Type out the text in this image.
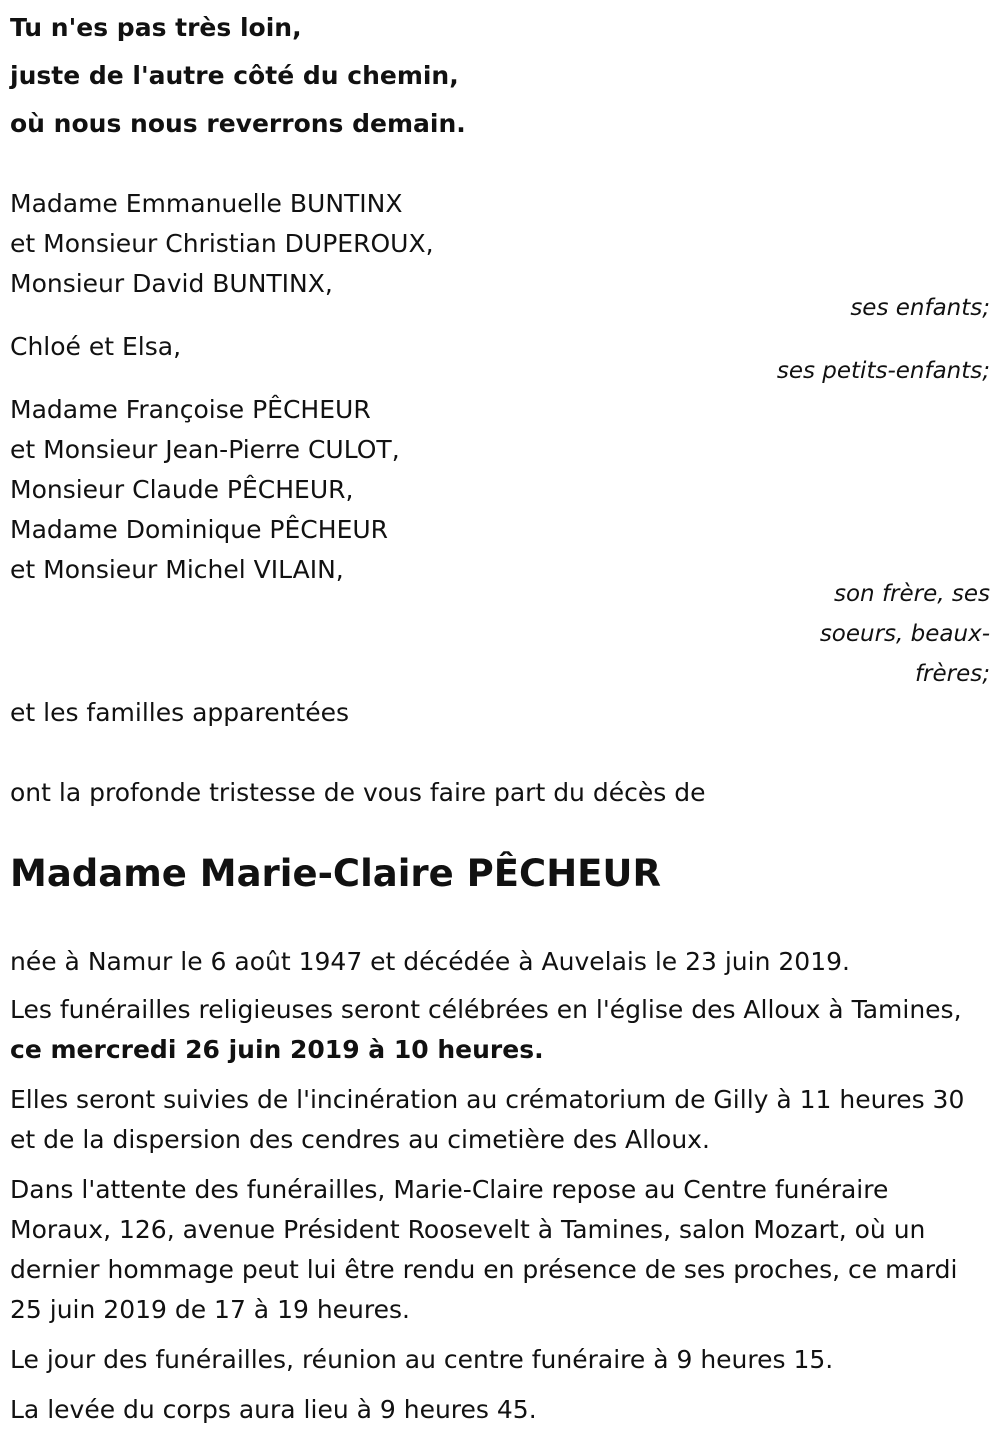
Tu n'es pas très loin,
juste de l'autre côté du chemin,
où nous nous reverrons demain.
Madame Emmanuelle BUNTINX
et Monsieur Christian DUPEROUX,
Monsieur David BUNTINX,
ses enfants;
Chloé et Elsa,
ses petits-enfants;
Madame Françoise PÊCHEUR
et Monsieur Jean-Pierre CULOT,
Monsieur Claude PÊCHEUR,
Madame Dominique PÊCHEUR
et Monsieur Michel VILAIN,
son frère, ses
soeurs, beaux-
frères;
et les familles apparentées
ont la profonde tristesse de vous faire part du décès de
Madame Marie-Claire PÊCHEUR
née à Namur le 6 août 1947 et décédée à Auvelais le 23 juin 2019.
Les funérailles religieuses seront célébrées en l'église des Alloux à Tamines, ce mercredi 26 juin 2019 à 10 heures.
Elles seront suivies de l'incinération au crématorium de Gilly à 11 heures 30 et de la dispersion des cendres au cimetière des Alloux.
Dans l'attente des funérailles, Marie-Claire repose au Centre funéraire Moraux, 126, avenue Président Roosevelt à Tamines, salon Mozart, où un dernier hommage peut lui être rendu en présence de ses proches, ce mardi 25 juin 2019 de 17 à 19 heures.
Le jour des funérailles, réunion au centre funéraire à 9 heures 15.
La levée du corps aura lieu à 9 heures 45.
